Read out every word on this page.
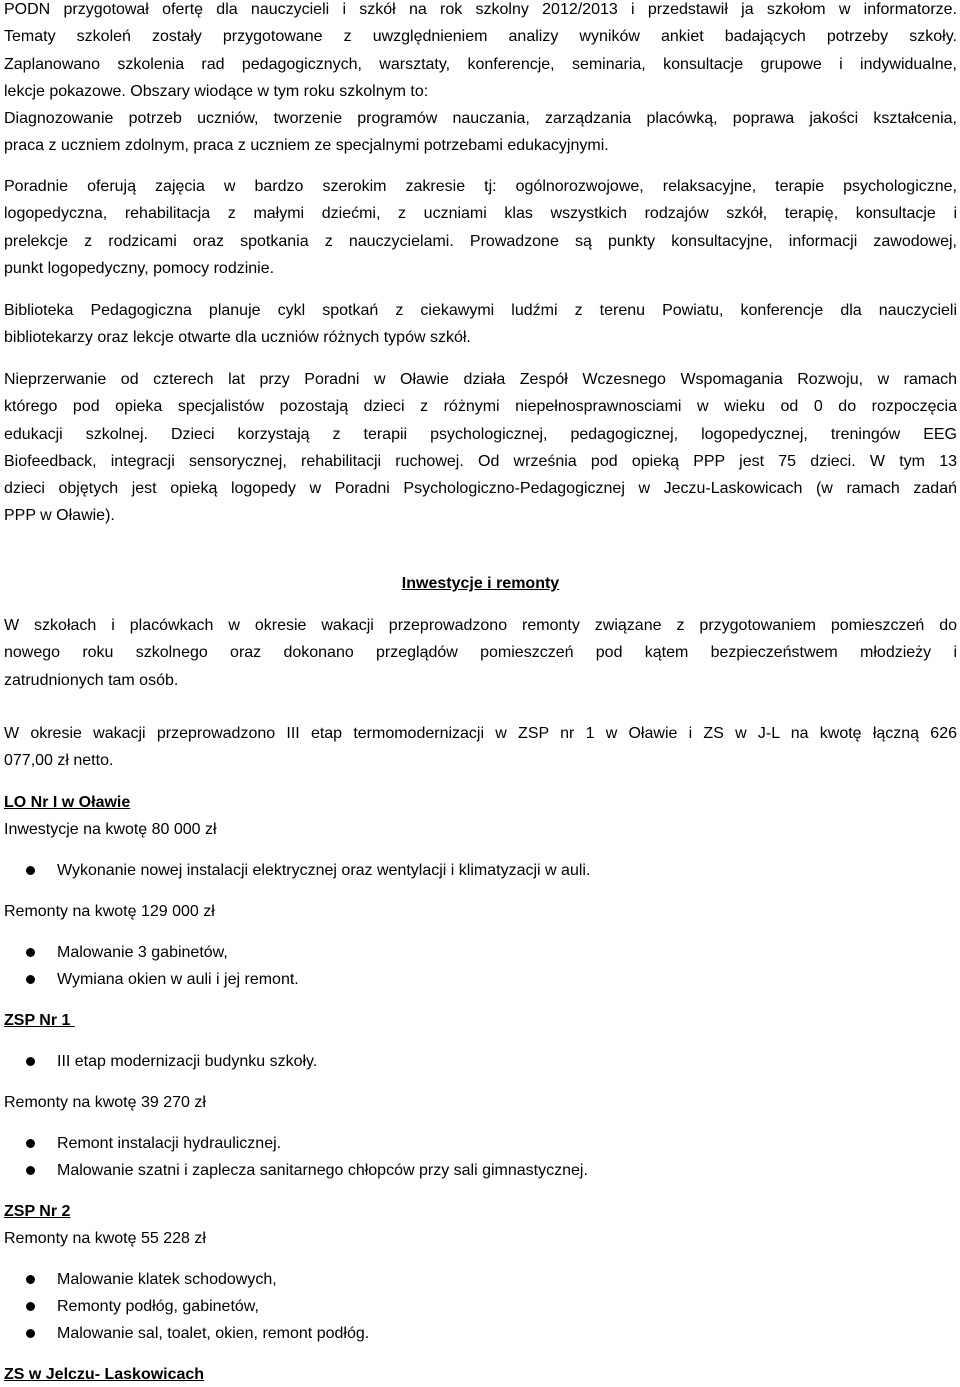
PODN przygotował ofertę dla nauczycieli i szkół na rok szkolny 2012/2013 i przedstawił ja szkołom w informatorze.
Tematy szkoleń zostały przygotowane z uwzględnieniem analizy wyników ankiet badających potrzeby szkoły.
Zaplanowano szkolenia rad pedagogicznych, warsztaty, konferencje, seminaria, konsultacje grupowe i indywidualne,
lekcje pokazowe. Obszary wiodące w tym roku szkolnym to:
Diagnozowanie potrzeb uczniów, tworzenie programów nauczania, zarządzania placówką, poprawa jakości kształcenia,
praca z uczniem zdolnym, praca z uczniem ze specjalnymi potrzebami edukacyjnymi.
Poradnie oferują zajęcia w bardzo szerokim zakresie tj: ogólnorozwojowe, relaksacyjne, terapie psychologiczne,
logopedyczna, rehabilitacja z małymi dziećmi, z uczniami klas wszystkich rodzajów szkół, terapię, konsultacje i
prelekcje z rodzicami oraz spotkania z nauczycielami. Prowadzone są punkty konsultacyjne, informacji zawodowej,
punkt logopedyczny, pomocy rodzinie.
Biblioteka Pedagogiczna planuje cykl spotkań z ciekawymi ludźmi z terenu Powiatu, konferencje dla nauczycieli
bibliotekarzy oraz lekcje otwarte dla uczniów różnych typów szkół.
Nieprzerwanie od czterech lat przy Poradni w Oławie działa Zespół Wczesnego Wspomagania Rozwoju, w ramach
którego pod opieka specjalistów pozostają dzieci z różnymi niepełnosprawnosciami w wieku od 0 do rozpoczęcia
edukacji szkolnej. Dzieci korzystają z terapii psychologicznej, pedagogicznej, logopedycznej, treningów EEG
Biofeedback, integracji sensorycznej, rehabilitacji ruchowej. Od września pod opieką PPP jest 75 dzieci. W tym 13
dzieci objętych jest opieką logopedy w Poradni Psychologiczno-Pedagogicznej w Jeczu-Laskowicach (w ramach zadań
PPP w Oławie).
Inwestycje i remonty
W szkołach i placówkach w okresie wakacji przeprowadzono remonty związane z przygotowaniem pomieszczeń do
nowego roku szkolnego oraz dokonano przeglądów pomieszczeń pod kątem bezpieczeństwem młodzieży i
zatrudnionych tam osób.
W okresie wakacji przeprowadzono III etap termomodernizacji w ZSP nr 1 w Oławie i ZS w J-L na kwotę łączną 626
077,00 zł netto.
LO Nr I w Oławie
Inwestycje na kwotę 80 000 zł
Wykonanie nowej instalacji elektrycznej oraz wentylacji i klimatyzacji w auli.
Remonty na kwotę 129 000 zł
Malowanie 3 gabinetów,
Wymiana okien w auli i jej remont.
ZSP Nr 1
III etap modernizacji budynku szkoły.
Remonty na kwotę 39 270 zł
Remont instalacji hydraulicznej.
Malowanie szatni i zaplecza sanitarnego chłopców przy sali gimnastycznej.
ZSP Nr 2
Remonty na kwotę 55 228 zł
Malowanie klatek schodowych,
Remonty podłóg, gabinetów,
Malowanie sal, toalet, okien, remont podłóg.
ZS w Jelczu- Laskowicach
